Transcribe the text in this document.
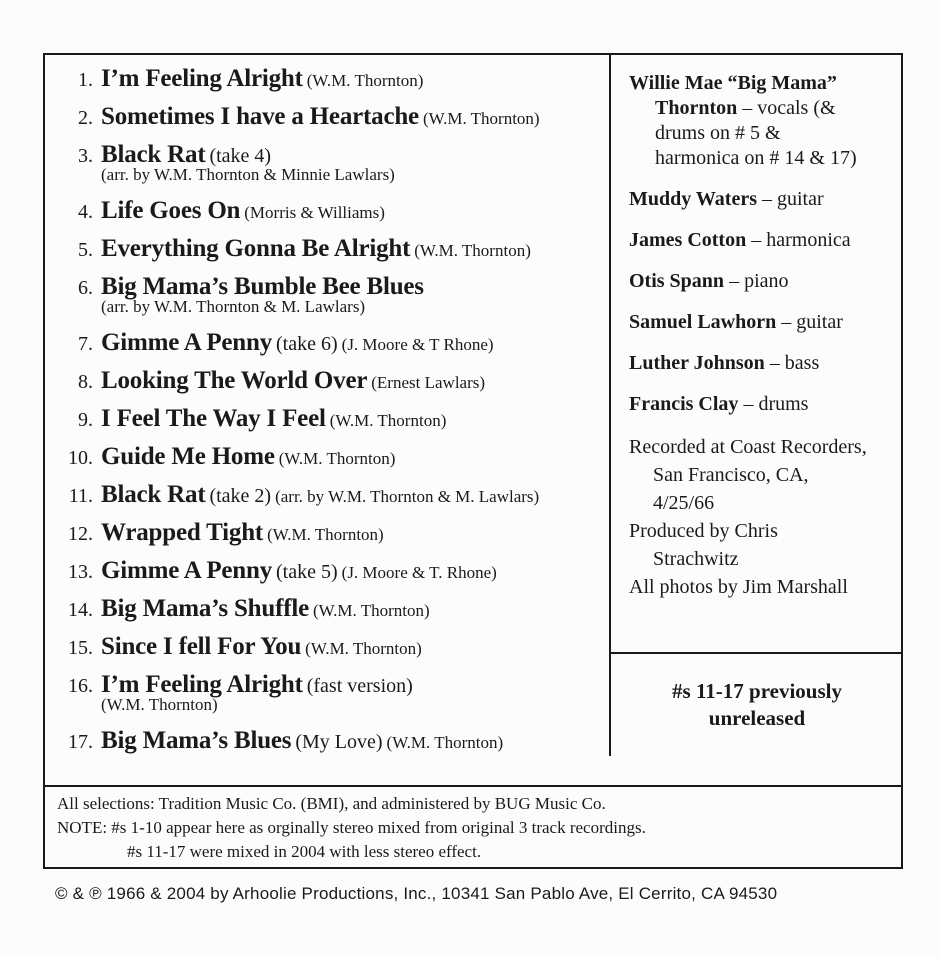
1. I’m Feeling Alright (W.M. Thornton)
2. Sometimes I have a Heartache (W.M. Thornton)
3. Black Rat (take 4)
(arr. by W.M. Thornton & Minnie Lawlars)
4. Life Goes On (Morris & Williams)
5. Everything Gonna Be Alright (W.M. Thornton)
6. Big Mama’s Bumble Bee Blues
(arr. by W.M. Thornton & M. Lawlars)
7. Gimme A Penny (take 6) (J. Moore & T Rhone)
8. Looking The World Over (Ernest Lawlars)
9. I Feel The Way I Feel (W.M. Thornton)
10. Guide Me Home (W.M. Thornton)
11. Black Rat (take 2) (arr. by W.M. Thornton & M. Lawlars)
12. Wrapped Tight (W.M. Thornton)
13. Gimme A Penny (take 5) (J. Moore & T. Rhone)
14. Big Mama’s Shuffle (W.M. Thornton)
15. Since I fell For You (W.M. Thornton)
16. I’m Feeling Alright (fast version)
(W.M. Thornton)
17. Big Mama’s Blues (My Love) (W.M. Thornton)
Willie Mae “Big Mama”
Thornton – vocals (&
drums on # 5 &
harmonica on # 14 & 17)
Muddy Waters – guitar
James Cotton – harmonica
Otis Spann – piano
Samuel Lawhorn – guitar
Luther Johnson – bass
Francis Clay – drums
Recorded at Coast Recorders,
San Francisco, CA,
4/25/66
Produced by Chris
Strachwitz
All photos by Jim Marshall
#s 11-17 previously unreleased
All selections: Tradition Music Co. (BMI), and administered by BUG Music Co.
NOTE: #s 1-10 appear here as orginally stereo mixed from original 3 track recordings.
#s 11-17 were mixed in 2004 with less stereo effect.
© & ℗ 1966 & 2004 by Arhoolie Productions, Inc., 10341 San Pablo Ave, El Cerrito, CA 94530
